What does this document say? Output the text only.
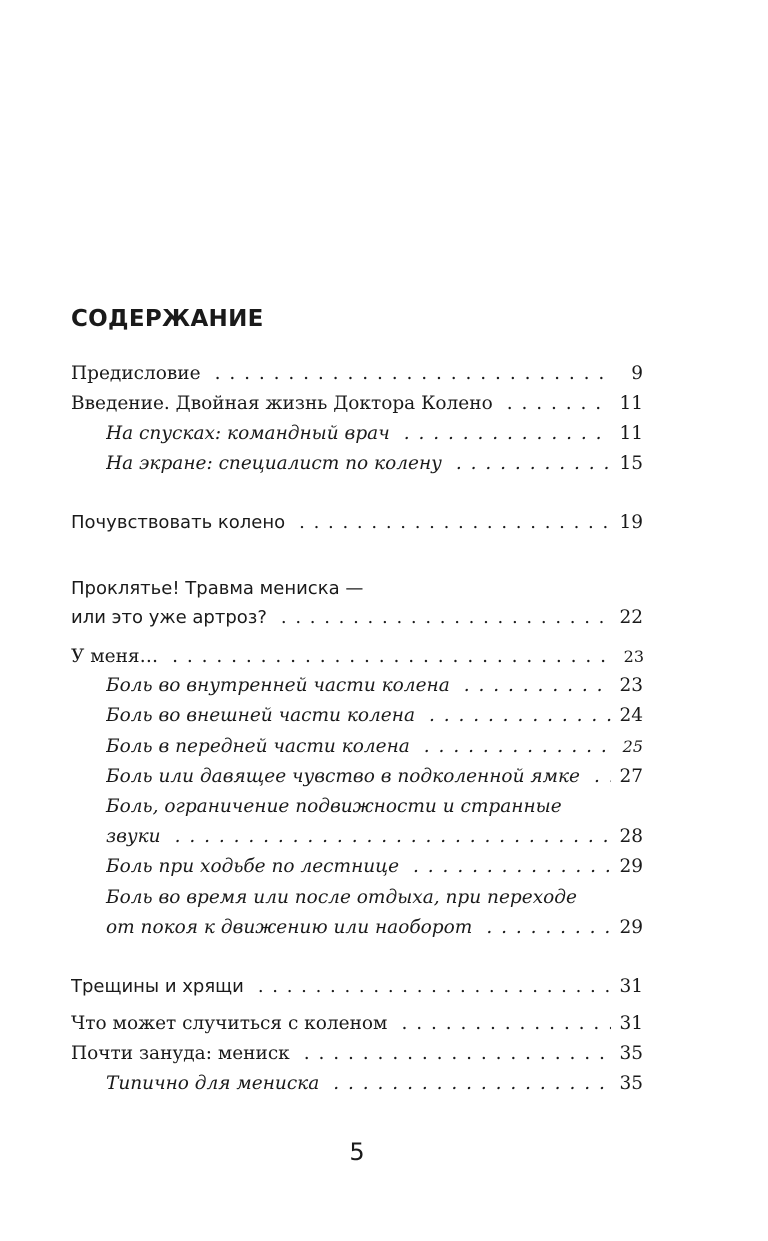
СОДЕРЖАНИЕ
Предисловие . . .	9
Введение. Двойная жизнь Доктора Колено . . .	11
На спусках: командный врач . . .	11
На экране: специалист по колену . . .	15
Почувствовать колено . . .	19
Проклятье! Травма мениска —
или это уже артроз? . . .	22
У меня… . . .	23
Боль во внутренней части колена . . .	23
Боль во внешней части колена . . .	24
Боль в передней части колена . . .	25
Боль или давящее чувство в подколенной ямке . . . 27
Боль, ограничение подвижности и странные
звуки . . .	28
Боль при ходьбе по лестнице . . .	29
Боль во время или после отдыха, при переходе
от покоя к движению или наоборот . . .	29
Трещины и хрящи . . .	31
Что может случиться с коленом . . .	31
Почти зануда: мениск . . .	35
Типично для мениска . . .	35
5
